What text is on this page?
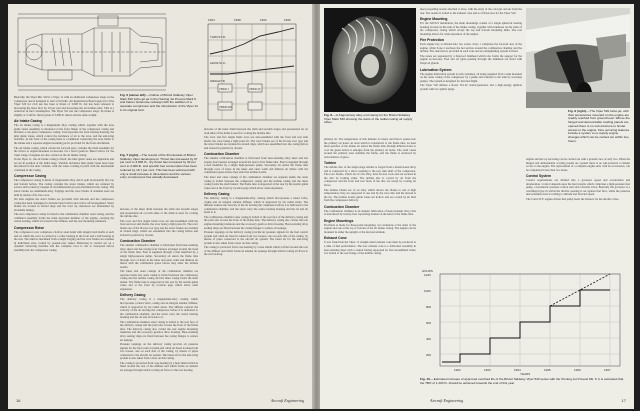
1954	1958	1962	1966
THRUST lb.
LENGTH in.
WEIGHT lb.
VIPER 1	VIPER 20
VIPER 520
Fig. 6 (above left).—Outline of Bristol Siddeley Viper Mark 520 turbo-jet as in the Hunting Jet Provost Mark 5 and trainer. Extensive redesign with the addition of a separate compressor and the introduction of the Viper 11 in its original form.
Fig. 7 (right).—The results of the first decade of Bristol Siddeley Viper development. Thrust has increased by 97 per cent to 3,800 lb., dry thrust has increased by 92 per cent to 3,000 lb. and specific fuel consumption has been reduced by 16.7 per cent. This has been achieved with only a small increase in dimensions and the various entry compressors has actually decreased.

Basically, the Viper Mk. 520 is a Viper 11 with an additional compressor stage on the compressor and is designed to start at full idle. Air Registration Board approval of the Viper 520 for civil use has been at thrust of 3,000 lb. but has been released to increasing the mass flow by 10 per cent and increasing the air turbine entry. This is a reduction in fuel consumption. The Viper 521 has the compressor stage. Its thrust is slightly at 3,140 lb. thrust given at 3,300 lb. thrust and the same weight.

Air Intake Casing

The air intake casing is a magnesium alloy casting which, together with the nose guide vanes assembly, is mounted on the front flange of the compressor casing and includes a one-piece compressor casing. It incorporates the front bearing housing, the inlet guide vanes, which control the incidence of air to the rotor, and the anti-icing facilities. At the front of the casing there is a bulkhead connecting the nose bullet to the intake and a separate engine mounting pad is provided for the front attachment.

The air intake casing, which carries the forward gear, contains the main assembly for the drives to engine-mounted accessories via a bevel gearbox. Bleed valves for the Viper range of engines are also carried on the air intake casing.

In the Viper 11, the air intake casing is fixed; the inlet guide vanes are adjustable and are set in position at the build stage. Variable incidence inlet guide vanes have been introduced in the later variants, with the vanes rotating in pairs with the mechanism contained in the casing.

Compressor Casing

The compressor casing is made of magnesium alloy and is split horizontally into top and bottom halves. The casing contains the stator blades, which are retained by screws and located by tongues in circumferential grooves machined in the casing. The stator blades are aluminium-alloy forgings and the rotor blades of stainless steel are held by means of fir-tree roots.

On later engines the stator blades are provided with shrouds and the compressor casing has been redesigned to include bleed valves and a blow-off arrangement. Stator blades are located in slotted rings and the rotor tip clearances are maintained by abradable linings.

The rear compressor casing is bolted to the combustion chamber outer casing, and the combined assembly forms the main structural member of the engine, carrying the centre bearing, which is located in the diffuser, and the rear mounting trunnions.

Compressor Rotor

The compressor rotor comprises a hollow steel drum with integral stub shafts at each end on which the rotor is carried by a roller bearing at the front and a ball bearing at the rear. The drum is machined from a single forging and the rotor blades are retained in individual slots, locked by peened-over stakes. Balancing is carried out on a dynamic balancing machine and the complete rotor is run at overspeed before assembly into the compressor casing.

increase of the inner drum between the sixth and seventh stages and pressurized air on both sides of the drum is used for cooling the turbine disc.

The rotor and five single blade rows are sub-assembled with the front and rear stub shafts, the rotor being a light press fit. The rotor blades are of the fir-tree root type and the stator blades are retained in slotted rings, which are assembled into the casing halves and locked in position by dowels.

Combustion Chamber

The annular combustion chamber is fabricated from heat-resisting alloy sheet and has twenty-four burners arranged around the head of the flame tube. Fuel is supplied through a fuel manifold by a single high-pressure pump. Secondary air enters the flame tube through rows of holes in the inner and outer walls and dilution air mixes with the combustion gases before they enter the turbine nozzle.

The inner and outer casings of the combustion chamber are separate items; the outer casing is bolted between the compressor casing and the turbine casing and the inner casing forms the shaft tunnel. The flame tube is supported at the rear by the nozzle guide vanes and at the front by location pegs which allow axial expansion.

Delivery Casing

The delivery casing is a magnesium-alloy casting which incorporates a bleed valve, casing and an integral annular diffuser, which is supported by six radial struts. The diffuser reduces the velocity of the air leaving the compressor before it is delivered to the combustion chamber, and the struts carry the centre bearing housing and the oil and air feeds to it.

The combustion-chamber outer casing is bolted to the rear face of the delivery casing and the joint also locates the front of the flame tube. The delivery casing also carries the rear engine mounting trunnions and the accessory gearbox drive housing. Heat-resisting alloy sealing rings are fitted between the casing flanges to reduce air leakage.

Pressure tappings on the delivery casing provide air pressure signals for the fuel control system and cabin air bleed is taken from two bosses, one on each side of the casing, by means of pipes connected to the aircraft air system. The bleed air for the anti-icing system is also taken from a boss on this casing.

The casing is protected from over-heating by a heat shield which is fitted around the rear of the diffuser and which forms an annular air passage through which cooling air flows to the rear bearing.

increase of the inner drum between the sixth and seventh stages and pressurized air on both sides of the drum is used for cooling the turbine disc.

The rotor and five single blade rows are sub-assembled with the front and rear stub shafts, the rotor being a light press fit. The rotor blades are of the fir-tree root type and the stator blades are retained in slotted rings, which are assembled into the casing halves and locked in position by dowels.

Combustion Chamber

The annular combustion chamber is fabricated from heat-resisting alloy sheet and has twenty-four burners arranged around the head of the flame tube. Fuel is supplied through a fuel manifold by a single high-pressure pump. Secondary air enters the flame tube through rows of holes in the inner and outer walls and dilution air mixes with the combustion gases before they enter the turbine nozzle.

The inner and outer casings of the combustion chamber are separate items; the outer casing is bolted between the compressor casing and the turbine casing and the inner casing forms the shaft tunnel. The flame tube is supported at the rear by the nozzle guide vanes and at the front by location pegs which allow axial expansion.

Delivery Casing

The delivery casing is a magnesium-alloy casting which incorporates a bleed valve, casing and an integral annular diffuser, which is supported by six radial struts. The diffuser reduces the velocity of the air leaving the compressor before it is delivered to the combustion chamber, and the struts carry the centre bearing housing and the oil and air feeds to it.

The combustion-chamber outer casing is bolted to the rear face of the delivery casing and the joint also locates the front of the flame tube. The delivery casing also carries the rear engine mounting trunnions and the accessory gearbox drive housing. Heat-resisting alloy sealing rings are fitted between the casing flanges to reduce air leakage.

Pressure tappings on the delivery casing provide air pressure signals for the fuel control system and cabin air bleed is taken from two bosses, one on each side of the casing, by means of pipes connected to the aircraft air system. The bleed air for the anti-icing system is also taken from a boss on this casing.

The casing is protected from over-heating by a heat shield which is fitted around the rear of the diffuser and which forms an annular air passage through which cooling air flows to the rear bearing.

16	Aircraft Engineering
Fig. 8.—A fragmentary alloy end casing for the Bristol Siddeley Viper Mark 520 showing the ducts of the radial cooling air supply tubes.
Fig. 9 (right).—The Viper 520 turbo-jet, with their accessories mounted on the engine are readily reached from ground level. Where the hinged and demountable cowling panels are opened there is no sub-structure to hinder access to the engine. Fine servicing features include a system to re-supply engine changes which can be carried out within two hours.
HOURS
1200
1000
800
600
400
200
1962	1963	1964	1965	1966	1967
YEARS
Fig. 10.—Estimated increase of approved overhaul life of the Bristol Siddeley Viper 520 series with the Hunting Jet Provost Mk. 5. It is estimated that the TBO of 1,200 hr. should be achieved towards the end of this year.

primary air. The temperature of this mixture is raised, and then it passes into the primary air holes. At least which is transferred to the flame tube. At least three-quarters of the intake air enters the flame tube through dilution holes to cool the gases before it emerges from the primary air holes. The swirl vanes around the primary zone stabilize the flame, and the flame is anchored by recirculation of gases.

Turbine

The turbine disc of the single-stage turbine is forged from a nickel-based alloy and is connected by a short coupling to the rear stub shaft of the compressor. The rotor blades, which are of cast alloy, have fir-tree roots and are secured in the disc by locking strips. The turbine disc is cooled by air from the compressor and the front and rear faces of the disc are swept by cooling air flows.

The turbine blades are of an alloy which allows the blades to run at high temperatures; they are supported at one end by the rotor disc and the shroud at the tip. The turbine nozzle guide vanes are hollow and are cooled by air bled from the compressor delivery.

Combustion Chamber

The combustion chamber is an annular fabrication of heat-resistant alloy; fuel is introduced by twenty-four vaporizing burners at the head of the flame tube.

Engine Mountings

Provision is made for three-point mounting, two trunnions at the sides of the engine and one at the top or bottom of the air intake casing. The engine can be mounted in either the upright or the inverted attitude.

Exhaust Cone

It was found that the Viper 11 straight-sided exhaust cone must be produced at a time of fuel performance. The new exhaust cone is a fabricated assembly in heat-resisting sheet with a central fairing supported by four streamlined struts; it is bolted to the rear flange of the turbine casing.

meet propelling nozzle attached to flow, with the entry of the cold gas and air from the rear. The nozzle is bolted to the exhaust cone and is of fixed area for the Viper 520.

Engine Mounting

For the 520/521 installation, the main mountings consist of a single spherical bearing housing located on the side of the intake casing, together with trunnions on the sides of the compressor casing which accept the top and bottom mounting links. The rear mounting allows for axial expansion of the engine.

Fire Protection

Each engine bay is divided into two zones. Zone 1 comprises the forward area of the engine, while Zone 2 encloses the hot section around the combustion chamber and the turbine. Fire detection is provided in each zone and an extinguishing system is fitted.

The zones are separated by a fireproof bulkhead which also forms the support for the engine accessories. Fuel and oil pipes passing through the bulkhead are fitted with fireproof glands.

Lubrication System

The engine lubrication system is self-contained, oil being supplied from a tank mounted on the outer casing of the compressor by a pump and returned to the tank by scavenge pumps. The system is designed for inverted flight.

The Viper 520 utilizes a Rotax N.S.W. starter/generator and a high-energy ignition system with two igniter plugs.

engine and the top servicing can be carried out with a ground crew of only two. When the hinged and demountable cowling panels are opened there is no sub-structure to hinder access to the engine. The replacement of a complete engine unit, with its accessories, can be completed in less than two hours.

Control System

Control requirements are divided into a governor speed and acceleration and deceleration. Control depends upon the fuel system, which comprises a high-pressure fuel pump, a barometric pressure control unit and a throttle valve. Basically the governor is a centrifugal type in which the throttle opening is set against fuel flow, while the pressure unit schedules fuel according to altitude and forward speed.

The Carrel N.F. engine-driven fuel pump feeds the burners via the throttle valve.

Aircraft Engineering	17
